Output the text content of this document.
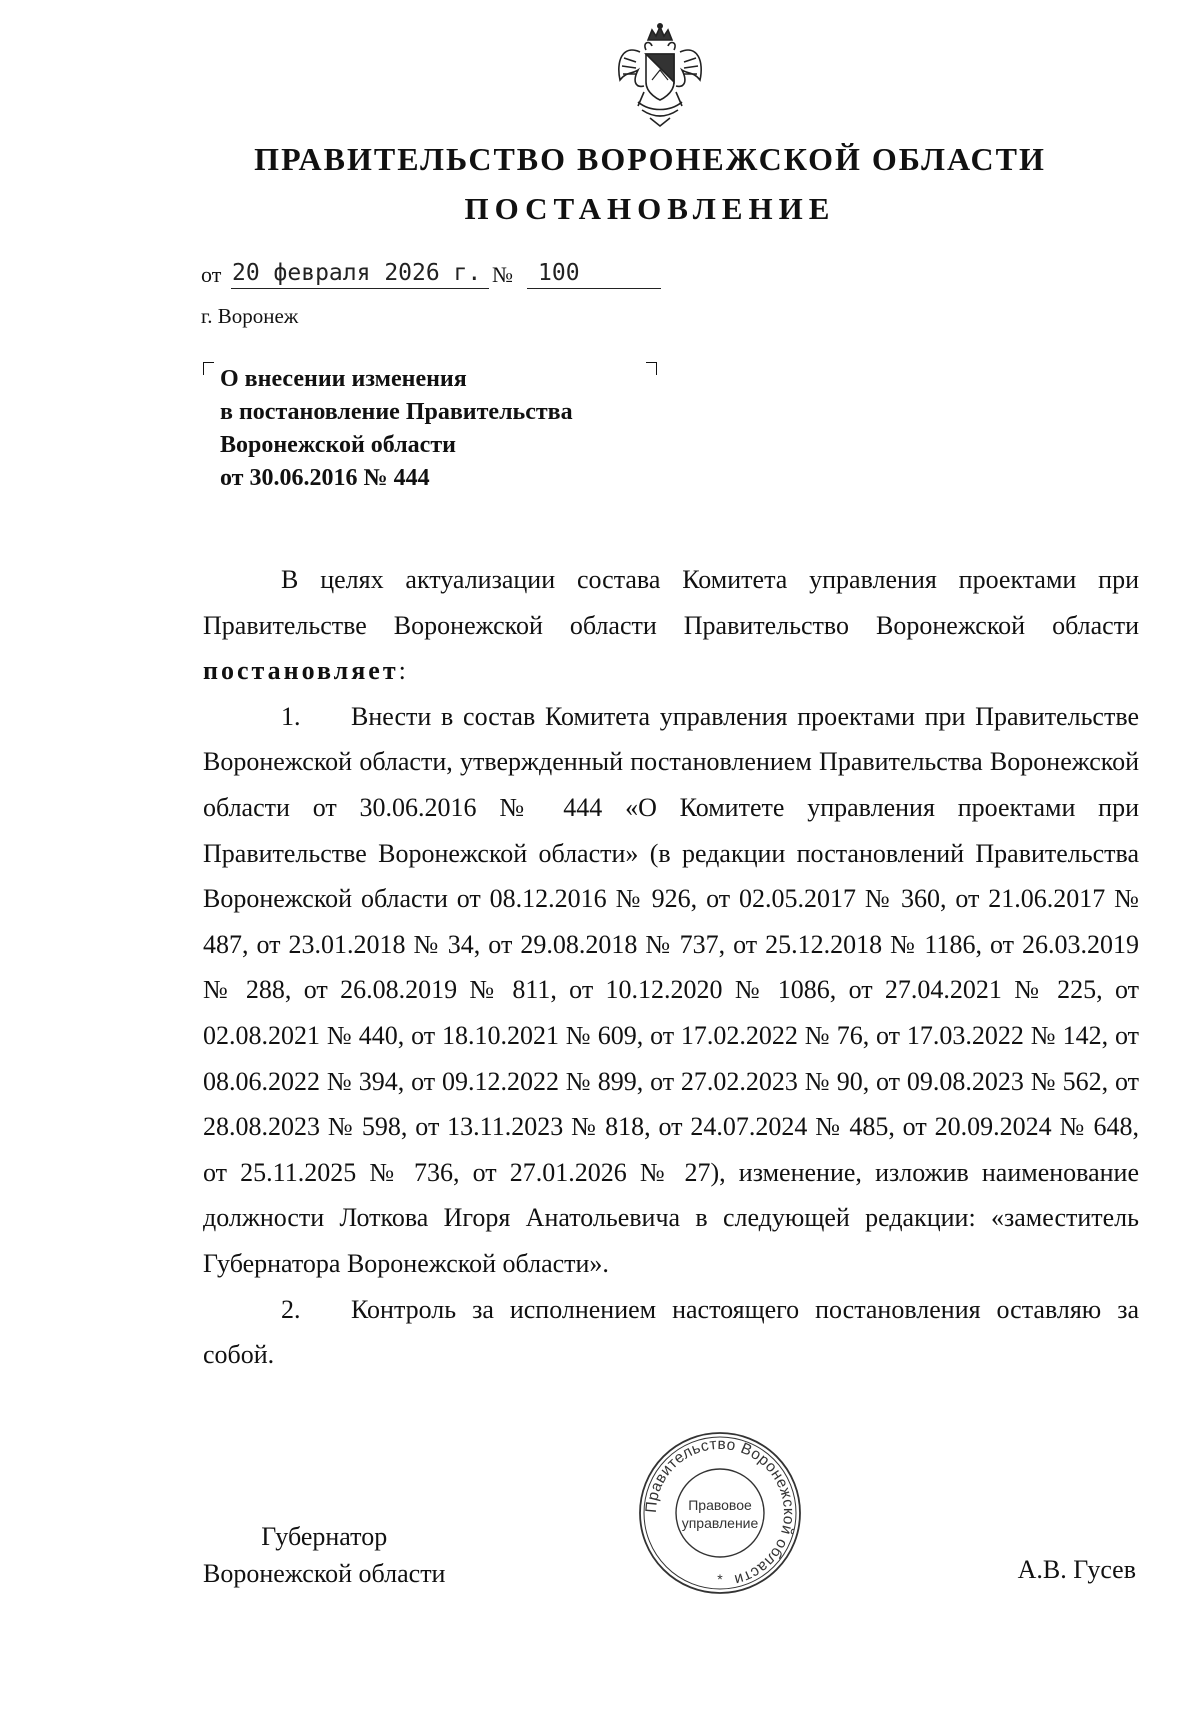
ПРАВИТЕЛЬСТВО ВОРОНЕЖСКОЙ ОБЛАСТИ
ПОСТАНОВЛЕНИЕ
от 20 февраля 2026 г. № 100
г. Воронеж
О внесении изменения
в постановление Правительства
Воронежской области
от 30.06.2016 № 444

В целях актуализации состава Комитета управления проектами при Правительстве Воронежской области Правительство Воронежской области постановляет:

1. Внести в состав Комитета управления проектами при Правительстве Воронежской области, утвержденный постановлением Правительства Воронежской области от 30.06.2016 № 444 «О Комитете управления проектами при Правительстве Воронежской области» (в редакции постановлений Правительства Воронежской области от 08.12.2016 № 926, от 02.05.2017 № 360, от 21.06.2017 № 487, от 23.01.2018 № 34, от 29.08.2018 № 737, от 25.12.2018 № 1186, от 26.03.2019 № 288, от 26.08.2019 № 811, от 10.12.2020 № 1086, от 27.04.2021 № 225, от 02.08.2021 № 440, от 18.10.2021 № 609, от 17.02.2022 № 76, от 17.03.2022 № 142, от 08.06.2022 № 394, от 09.12.2022 № 899, от 27.02.2023 № 90, от 09.08.2023 № 562, от 28.08.2023 № 598, от 13.11.2023 № 818, от 24.07.2024 № 485, от 20.09.2024 № 648, от 25.11.2025 № 736, от 27.01.2026 № 27), изменение, изложив наименование должности Лоткова Игоря Анатольевича в следующей редакции: «заместитель Губернатора Воронежской области».

2. Контроль за исполнением настоящего постановления оставляю за собой.

Губернатор
Воронежской области
Правительство Воронежской области
Правовое
управление
*	А.В. Гусев
